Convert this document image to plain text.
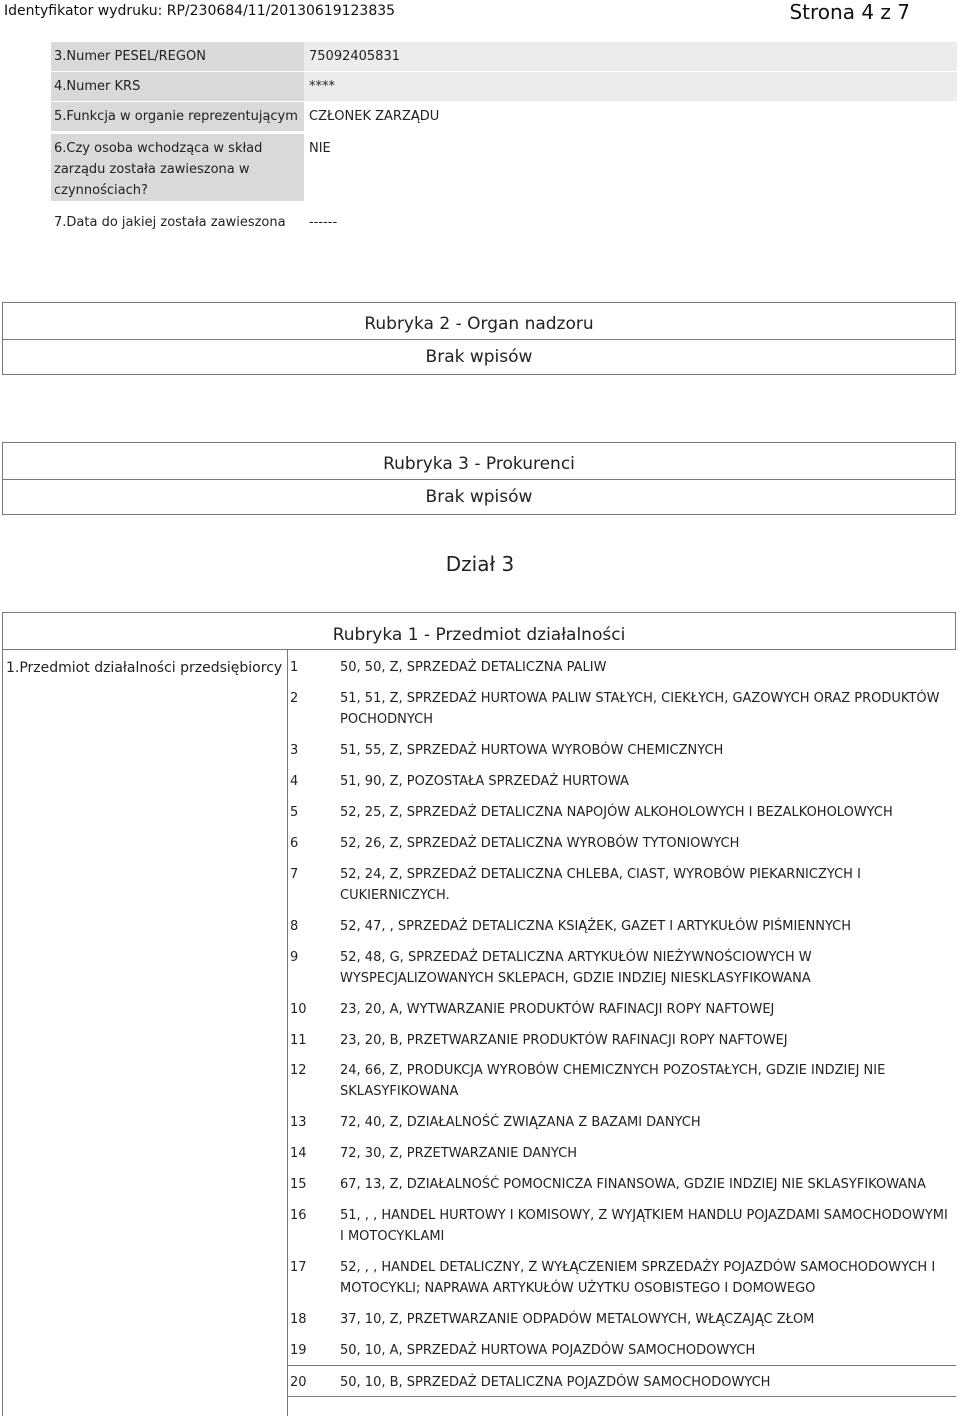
Identyfikator wydruku: RP/230684/11/20130619123835	Strona 4 z 7
3.Numer PESEL/REGON	75092405831
4.Numer KRS	****
5.Funkcja w organie reprezentującym CZŁONEK ZARZĄDU
6.Czy osoba wchodząca w skład zarządu została zawieszona w czynnościach?
NIE
7.Data do jakiej została zawieszona	------
Rubryka 2 - Organ nadzoru
Brak wpisów
Rubryka 3 - Prokurenci
Brak wpisów
Dział 3
Rubryka 1 - Przedmiot działalności
1.Przedmiot działalności przedsiębiorcy 1	50, 50, Z, SPRZEDAŻ DETALICZNA PALIW
2	51, 51, Z, SPRZEDAŻ HURTOWA PALIW STAŁYCH, CIEKŁYCH, GAZOWYCH ORAZ PRODUKTÓW POCHODNYCH
3	51, 55, Z, SPRZEDAŻ HURTOWA WYROBÓW CHEMICZNYCH
4	51, 90, Z, POZOSTAŁA SPRZEDAŻ HURTOWA
5	52, 25, Z, SPRZEDAŻ DETALICZNA NAPOJÓW ALKOHOLOWYCH I BEZALKOHOLOWYCH
6	52, 26, Z, SPRZEDAŻ DETALICZNA WYROBÓW TYTONIOWYCH
7	52, 24, Z, SPRZEDAŻ DETALICZNA CHLEBA, CIAST, WYROBÓW PIEKARNICZYCH I CUKIERNICZYCH.
8	52, 47, , SPRZEDAŻ DETALICZNA KSIĄŻEK, GAZET I ARTYKUŁÓW PIŚMIENNYCH
9	52, 48, G, SPRZEDAŻ DETALICZNA ARTYKUŁÓW NIEŻYWNOŚCIOWYCH W WYSPECJALIZOWANYCH SKLEPACH, GDZIE INDZIEJ NIESKLASYFIKOWANA
10	23, 20, A, WYTWARZANIE PRODUKTÓW RAFINACJI ROPY NAFTOWEJ
11	23, 20, B, PRZETWARZANIE PRODUKTÓW RAFINACJI ROPY NAFTOWEJ
12	24, 66, Z, PRODUKCJA WYROBÓW CHEMICZNYCH POZOSTAŁYCH, GDZIE INDZIEJ NIE SKLASYFIKOWANA
13	72, 40, Z, DZIAŁALNOŚĆ ZWIĄZANA Z BAZAMI DANYCH
14	72, 30, Z, PRZETWARZANIE DANYCH
15	67, 13, Z, DZIAŁALNOŚĆ POMOCNICZA FINANSOWA, GDZIE INDZIEJ NIE SKLASYFIKOWANA
16	51, , , HANDEL HURTOWY I KOMISOWY, Z WYJĄTKIEM HANDLU POJAZDAMI SAMOCHODOWYMI I MOTOCYKLAMI
17	52, , , HANDEL DETALICZNY, Z WYŁĄCZENIEM SPRZEDAŻY POJAZDÓW SAMOCHODOWYCH I MOTOCYKLI; NAPRAWA ARTYKUŁÓW UŻYTKU OSOBISTEGO I DOMOWEGO
18	37, 10, Z, PRZETWARZANIE ODPADÓW METALOWYCH, WŁĄCZAJĄC ZŁOM
19	50, 10, A, SPRZEDAŻ HURTOWA POJAZDÓW SAMOCHODOWYCH
20	50, 10, B, SPRZEDAŻ DETALICZNA POJAZDÓW SAMOCHODOWYCH
